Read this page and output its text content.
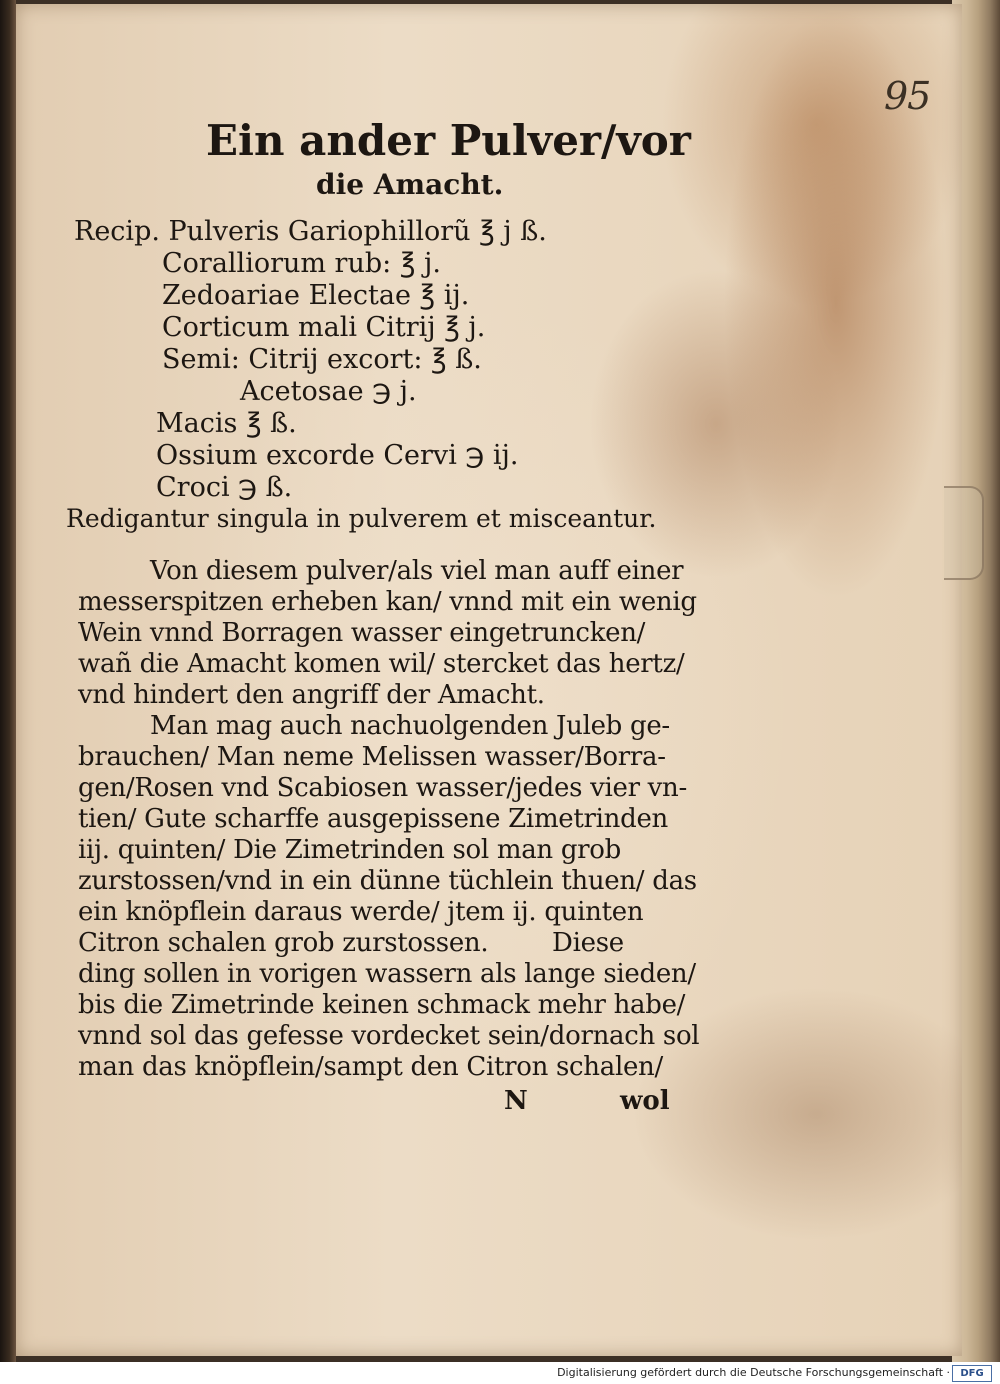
95
Ein ander Pulver/vor
die Amacht.
Recip. Pulveris Gariophillorũ ℥ j ß.
Coralliorum rub: ℥ j.
Zedoariae Electae ℥ ij.
Corticum mali Citrij ℥ j.
Semi: Citrij excort: ℥ ß.
Acetosae ℈ j.
Macis ℥ ß.
Ossium excorde Cervi ℈ ij.
Croci ℈ ß.
Redigantur singula in pulverem et misceantur.
Von diesem pulver/als viel man auff einer
messerspitzen erheben kan/ vnnd mit ein wenig
Wein vnnd Borragen wasser eingetruncken/
wañ die Amacht komen wil/ stercket das hertz/
vnd hindert den angriff der Amacht.
Man mag auch nachuolgenden Juleb ge-
brauchen/ Man neme Melissen wasser/Borra-
gen/Rosen vnd Scabiosen wasser/jedes vier vn-
tien/ Gute scharffe ausgepissene Zimetrinden
iij. quinten/ Die Zimetrinden sol man grob
zurstossen/vnd in ein dünne tüchlein thuen/ das
ein knöpflein daraus werde/ jtem ij. quinten
Citron schalen grob zurstossen.        Diese
ding sollen in vorigen wassern als lange sieden/
bis die Zimetrinde keinen schmack mehr habe/
vnnd sol das gefesse vordecket sein/dornach sol
man das knöpflein/sampt den Citron schalen/
N	wol
Digitalisierung gefördert durch die Deutsche Forschungsgemeinschaft ·	DFG
